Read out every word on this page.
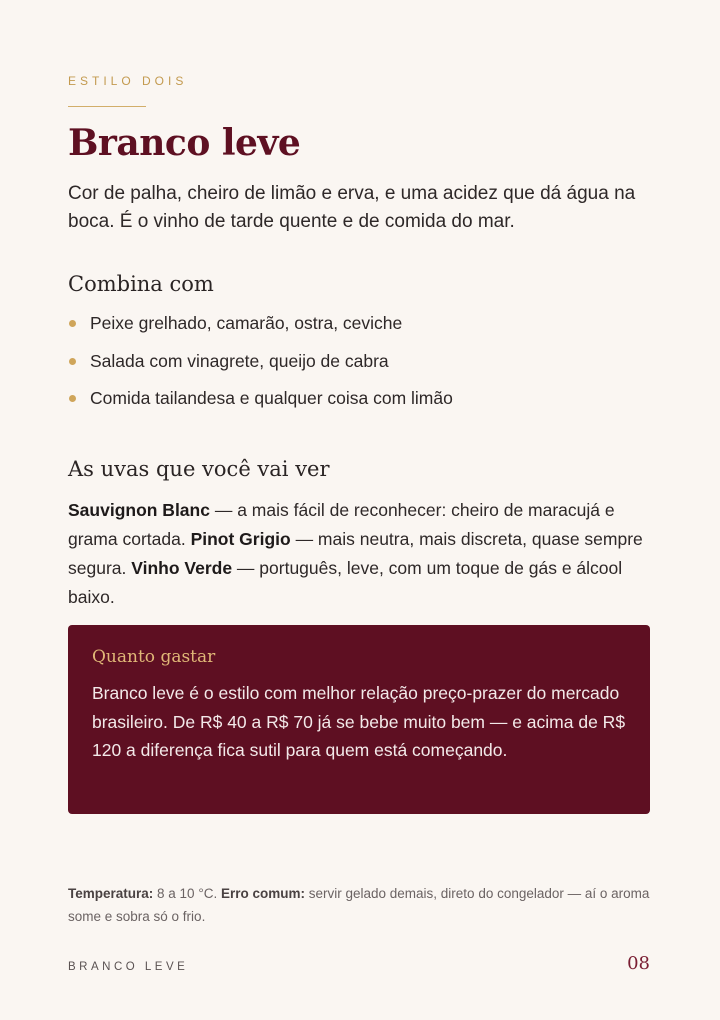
ESTILO DOIS
Branco leve

Cor de palha, cheiro de limão e erva, e uma acidez que dá água na boca. É o vinho de tarde quente e de comida do mar.

Combina com
Peixe grelhado, camarão, ostra, ceviche
Salada com vinagrete, queijo de cabra
Comida tailandesa e qualquer coisa com limão
As uvas que você vai ver

Sauvignon Blanc — a mais fácil de reconhecer: cheiro de maracujá e grama cortada. Pinot Grigio — mais neutra, mais discreta, quase sempre segura. Vinho Verde — português, leve, com um toque de gás e álcool baixo.

Quanto gastar

Branco leve é o estilo com melhor relação preço-prazer do mercado brasileiro. De R$ 40 a R$ 70 já se bebe muito bem — e acima de R$ 120 a diferença fica sutil para quem está começando.

Temperatura: 8 a 10 °C. Erro comum: servir gelado demais, direto do congelador — aí o aroma some e sobra só o frio.

BRANCO LEVE	08
